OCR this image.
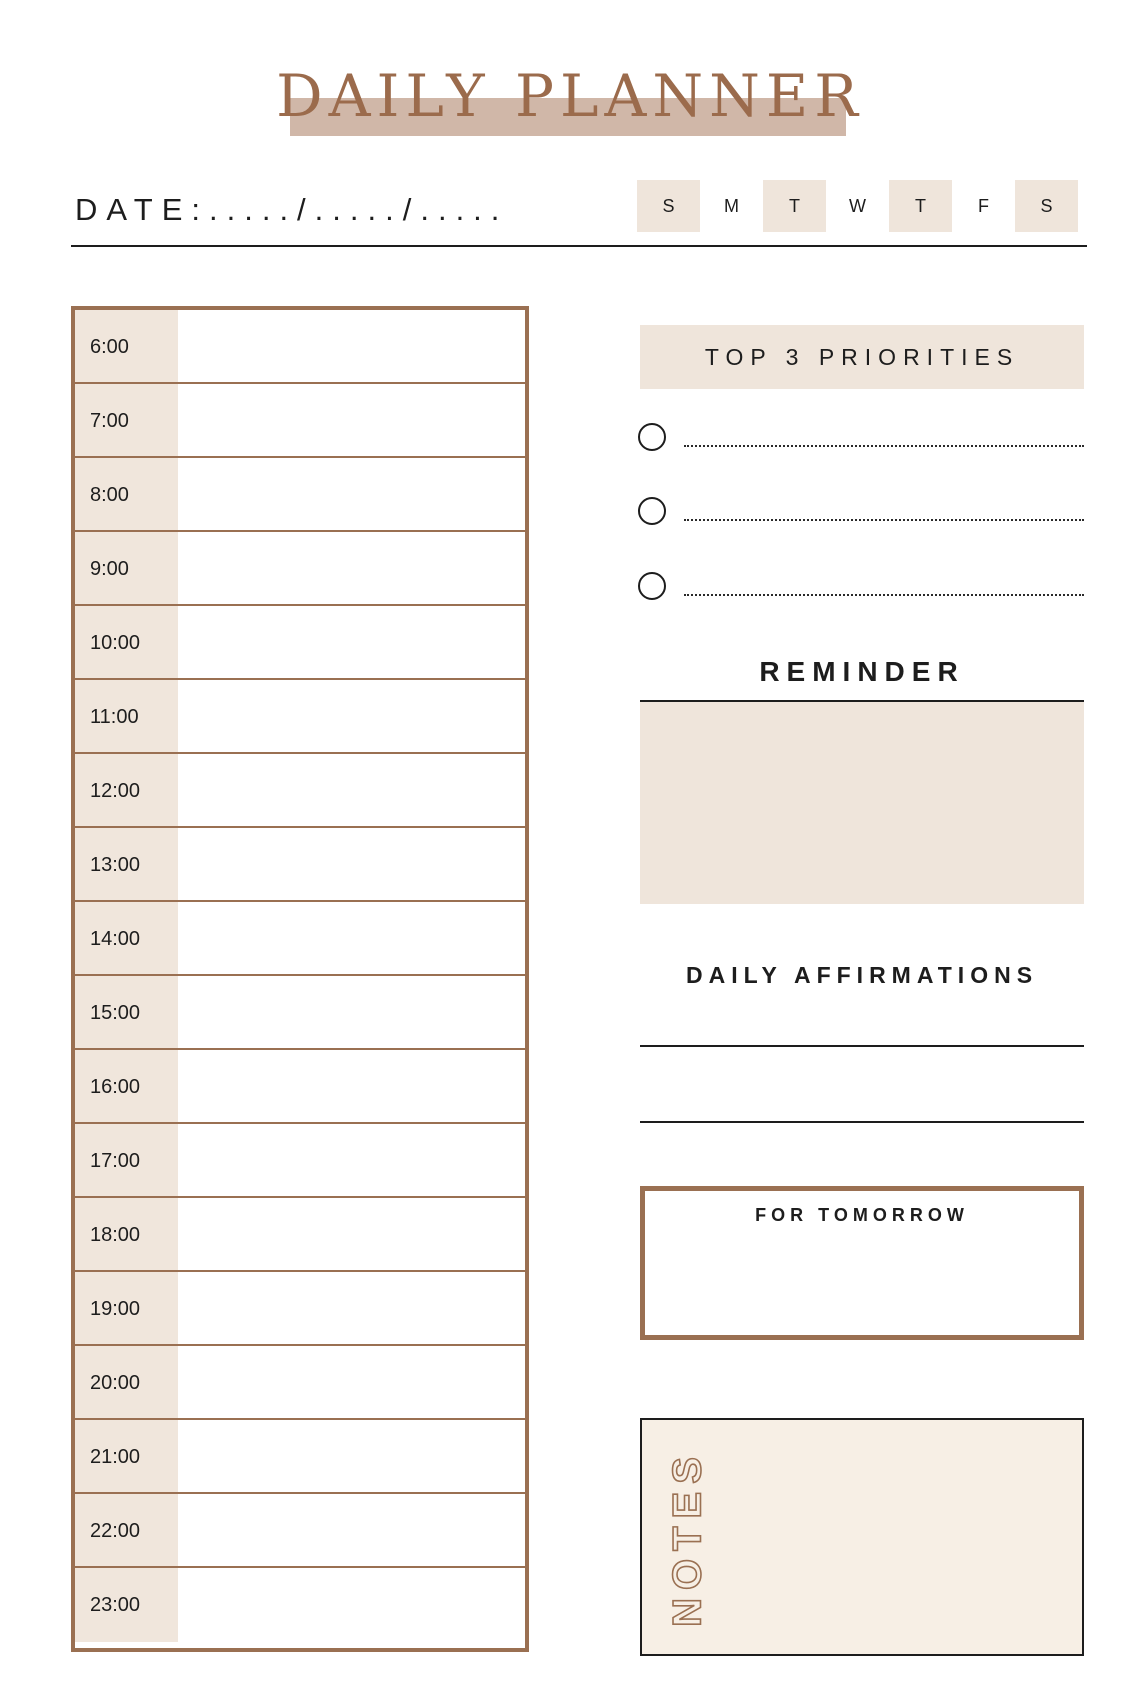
DAILY PLANNER
DATE:...../...../.....	S	M	T	W	T	F	S
6:00
7:00
8:00
9:00
10:00
11:00
12:00
13:00
14:00
15:00
16:00
17:00
18:00
19:00
20:00
21:00
22:00
23:00
TOP 3 PRIORITIES
REMINDER
DAILY AFFIRMATIONS
FOR TOMORROW
NOTES
